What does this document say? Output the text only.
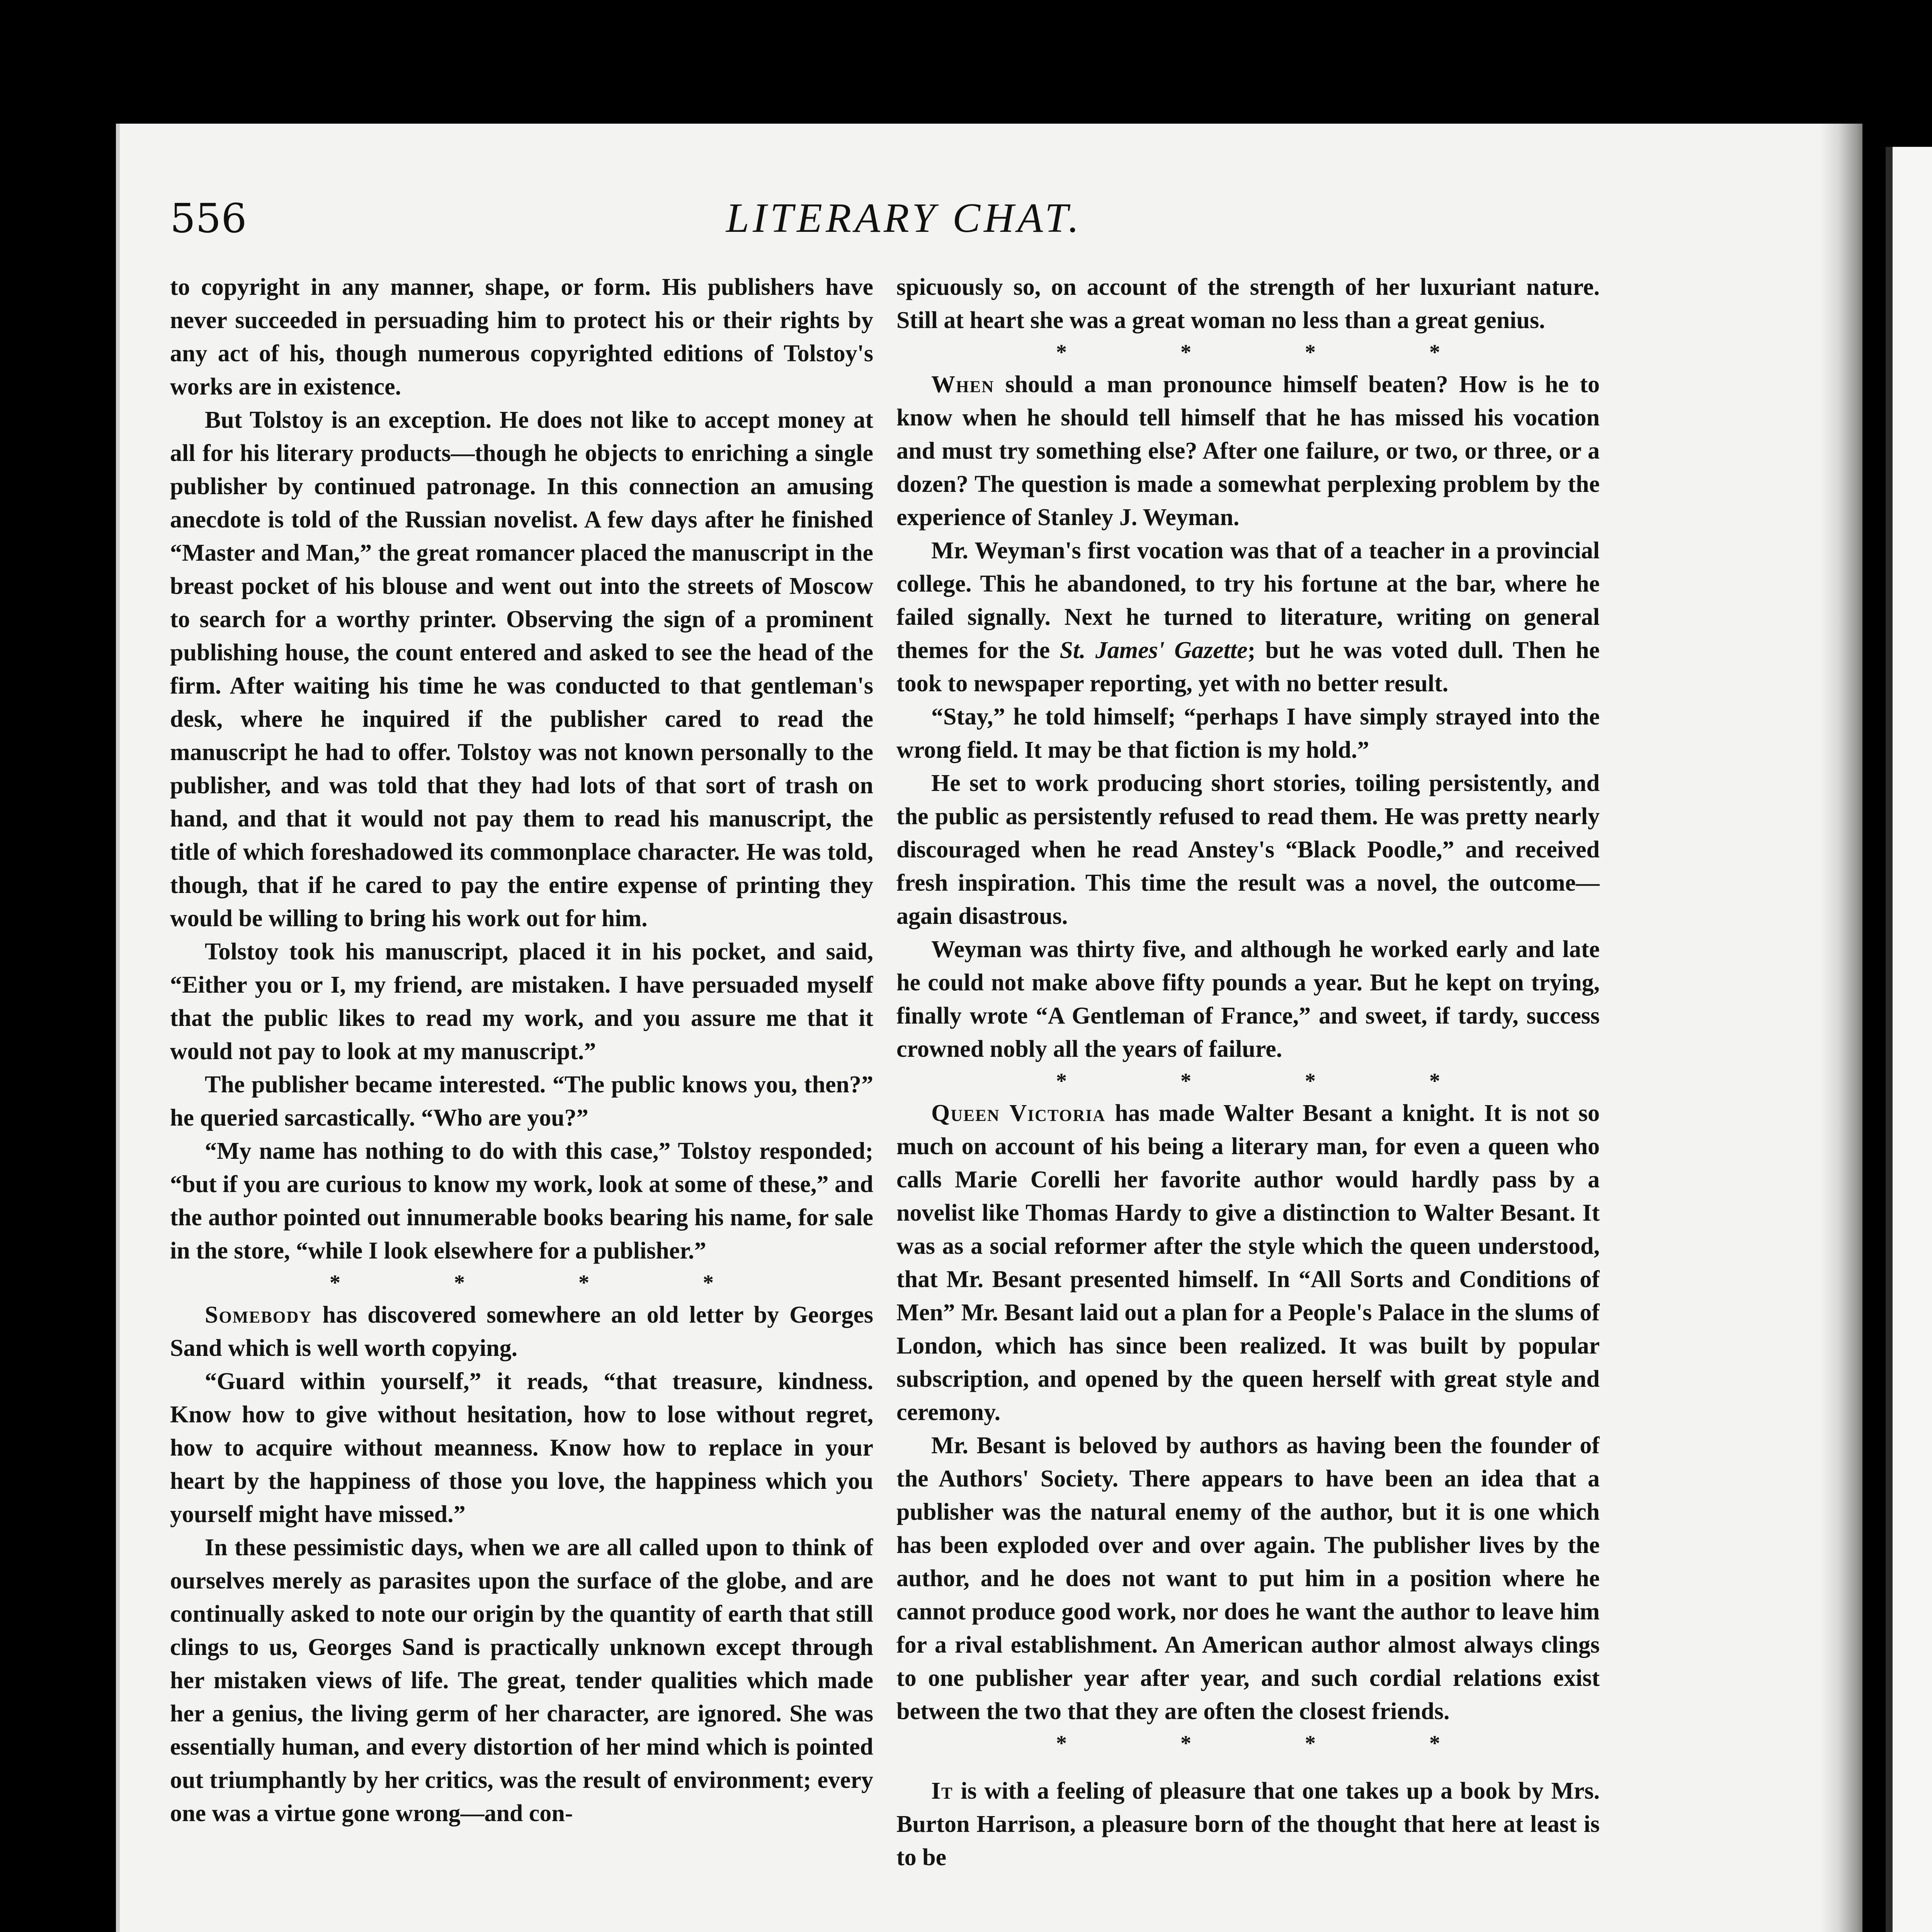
556	LITERARY CHAT.

to copyright in any manner, shape, or form. His publishers have never succeeded in persuading him to protect his or their rights by any act of his, though numerous copyrighted editions of Tolstoy's works are in existence.

But Tolstoy is an exception. He does not like to accept money at all for his literary products—though he objects to enriching a single publisher by continued patronage. In this connection an amusing anecdote is told of the Russian novelist. A few days after he finished “Master and Man,” the great romancer placed the manuscript in the breast pocket of his blouse and went out into the streets of Moscow to search for a worthy printer. Observing the sign of a prominent publishing house, the count entered and asked to see the head of the firm. After waiting his time he was conducted to that gentleman's desk, where he inquired if the publisher cared to read the manuscript he had to offer. Tolstoy was not known personally to the publisher, and was told that they had lots of that sort of trash on hand, and that it would not pay them to read his manuscript, the title of which foreshadowed its commonplace character. He was told, though, that if he cared to pay the entire expense of printing they would be willing to bring his work out for him.

Tolstoy took his manuscript, placed it in his pocket, and said, “Either you or I, my friend, are mistaken. I have persuaded myself that the public likes to read my work, and you assure me that it would not pay to look at my manuscript.”

The publisher became interested. “The public knows you, then?” he queried sarcastically. “Who are you?”

“My name has nothing to do with this case,” Tolstoy responded; “but if you are curious to know my work, look at some of these,” and the author pointed out innumerable books bearing his name, for sale in the store, “while I look elsewhere for a publisher.”

* * * *

Somebody has discovered somewhere an old letter by Georges Sand which is well worth copying.

“Guard within yourself,” it reads, “that treasure, kindness. Know how to give without hesitation, how to lose without regret, how to acquire without meanness. Know how to replace in your heart by the happiness of those you love, the happiness which you yourself might have missed.”

In these pessimistic days, when we are all called upon to think of ourselves merely as parasites upon the surface of the globe, and are continually asked to note our origin by the quantity of earth that still clings to us, Georges Sand is practically unknown except through her mistaken views of life. The great, tender qualities which made her a genius, the living germ of her character, are ignored. She was essentially human, and every distortion of her mind which is pointed out triumphantly by her critics, was the result of environment; every one was a virtue gone wrong—and con-

spicuously so, on account of the strength of her luxuriant nature. Still at heart she was a great woman no less than a great genius.

* * * *

When should a man pronounce himself beaten? How is he to know when he should tell himself that he has missed his vocation and must try something else? After one failure, or two, or three, or a dozen? The question is made a somewhat perplexing problem by the experience of Stanley J. Weyman.

Mr. Weyman's first vocation was that of a teacher in a provincial college. This he abandoned, to try his fortune at the bar, where he failed signally. Next he turned to literature, writing on general themes for the St. James' Gazette; but he was voted dull. Then he took to newspaper reporting, yet with no better result.

“Stay,” he told himself; “perhaps I have simply strayed into the wrong field. It may be that fiction is my hold.”

He set to work producing short stories, toiling persistently, and the public as persistently refused to read them. He was pretty nearly discouraged when he read Anstey's “Black Poodle,” and received fresh inspiration. This time the result was a novel, the outcome—again disastrous.

Weyman was thirty five, and although he worked early and late he could not make above fifty pounds a year. But he kept on trying, finally wrote “A Gentleman of France,” and sweet, if tardy, success crowned nobly all the years of failure.

* * * *

Queen Victoria has made Walter Besant a knight. It is not so much on account of his being a literary man, for even a queen who calls Marie Corelli her favorite author would hardly pass by a novelist like Thomas Hardy to give a distinction to Walter Besant. It was as a social reformer after the style which the queen understood, that Mr. Besant presented himself. In “All Sorts and Conditions of Men” Mr. Besant laid out a plan for a People's Palace in the slums of London, which has since been realized. It was built by popular subscription, and opened by the queen herself with great style and ceremony.

Mr. Besant is beloved by authors as having been the founder of the Authors' Society. There appears to have been an idea that a publisher was the natural enemy of the author, but it is one which has been exploded over and over again. The publisher lives by the author, and he does not want to put him in a position where he cannot produce good work, nor does he want the author to leave him for a rival establishment. An American author almost always clings to one publisher year after year, and such cordial relations exist between the two that they are often the closest friends.

* * * *

It is with a feeling of pleasure that one takes up a book by Mrs. Burton Harrison, a pleasure born of the thought that here at least is to be
